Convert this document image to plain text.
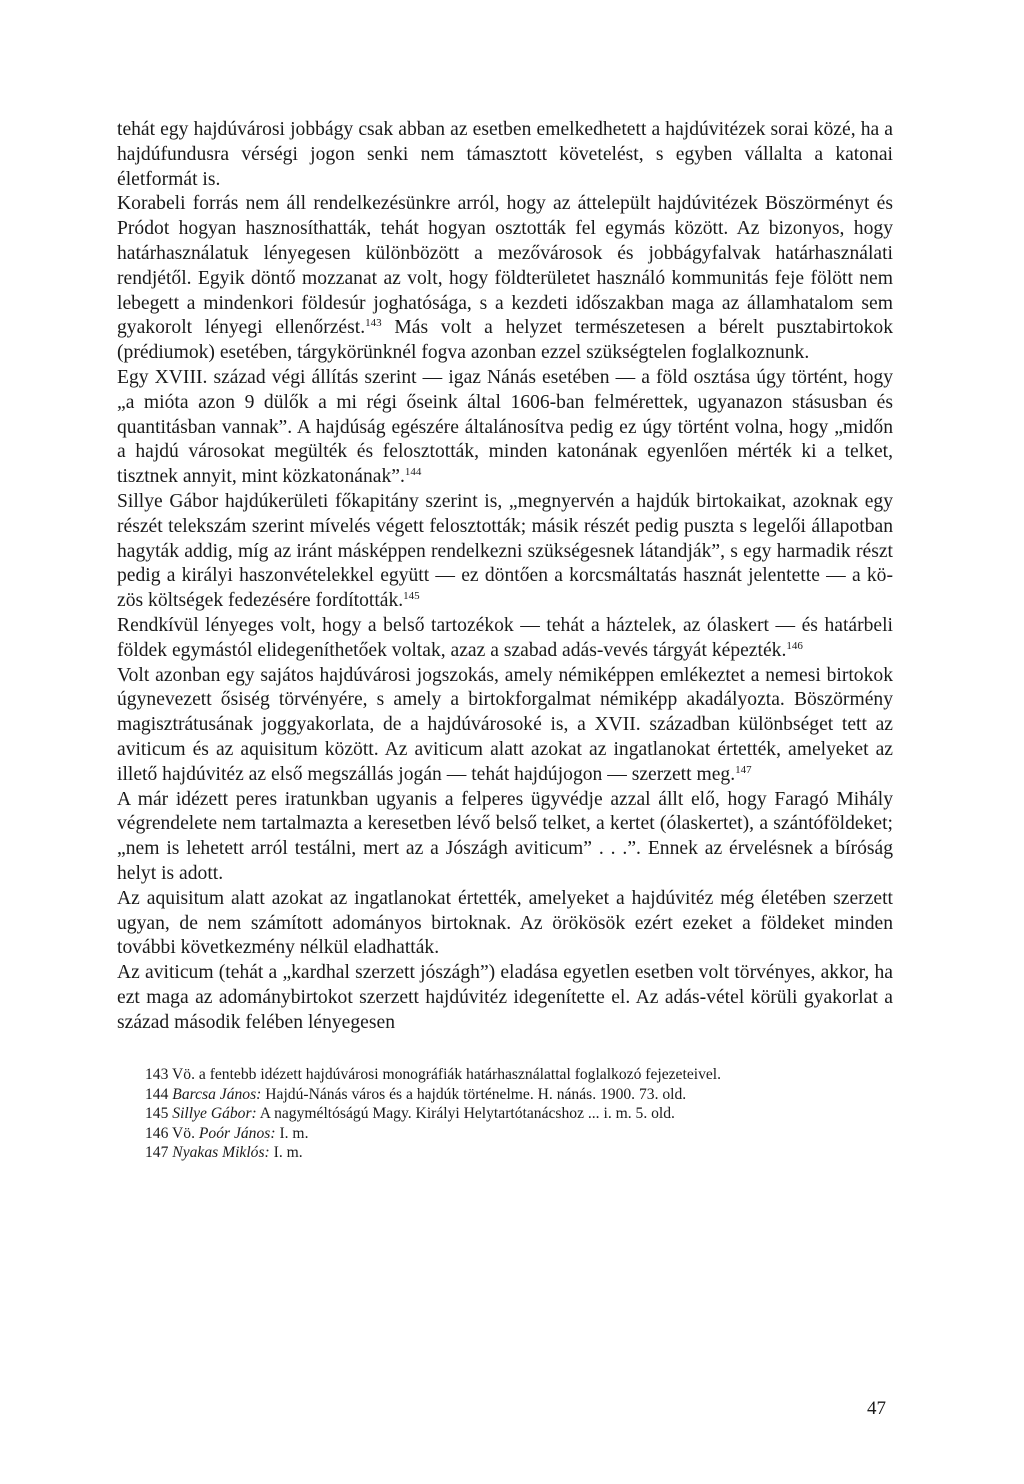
tehát egy hajdúvárosi jobbágy csak abban az esetben emelkedhetett a hajdúvitézek sorai közé, ha a hajdúfundusra vérségi jogon senki nem támasztott követelést, s egyben vállalta a katonai életformát is.

Korabeli forrás nem áll rendelkezésünkre arról, hogy az áttelepült hajdúvitézek Böszörményt és Pródot hogyan hasznosíthatták, tehát hogyan osztották fel egymás között. Az bizonyos, hogy határhasználatuk lényegesen különbözött a mezővárosok és jobbágyfalvak határhasználati rendjétől. Egyik döntő mozzanat az volt, hogy földterületet használó kommunitás feje fölött nem lebegett a mindenkori földesúr joghatósága, s a kezdeti időszakban maga az államhatalom sem gyakorolt lényegi ellenőrzést.$^{143}$ Más volt a helyzet természetesen a bérelt pusztabirtokok (prédiumok) esetében, tárgykörünknél fogva azonban ezzel szükségtelen foglalkoznunk.

Egy XVIII. század végi állítás szerint — igaz Nánás esetében — a föld osztása úgy történt, hogy „a mióta azon 9 dülők a mi régi őseink által 1606-ban felmérettek, ugyanazon stásusban és quantitásban vannak”. A hajdúság egészére általánosítva pedig ez úgy történt volna, hogy „midőn a hajdú városokat megülték és felosztották, minden katonának egyenlően mérték ki a telket, tisztnek annyit, mint közkatonának”.$^{144}$

Sillye Gábor hajdúkerületi főkapitány szerint is, „megnyervén a hajdúk birtokaikat, azoknak egy részét telekszám szerint mívelés végett felosztották; másik részét pedig puszta s legelői állapotban hagyták addig, míg az iránt másképpen rendelkezni szükségesnek látandják”, s egy harmadik részt pedig a királyi haszonvételekkel együtt — ez döntően a korcsmáltatás hasznát jelentette — a közös költségek fedezésére fordították.$^{145}$

Rendkívül lényeges volt, hogy a belső tartozékok — tehát a háztelek, az ólaskert — és határbeli földek egymástól elidegeníthetőek voltak, azaz a szabad adás-vevés tárgyát képezték.$^{146}$

Volt azonban egy sajátos hajdúvárosi jogszokás, amely némiképpen emlékeztet a nemesi birtokok úgynevezett ősiség törvényére, s amely a birtokforgalmat némiképp akadályozta. Böszörmény magisztrátusának joggyakorlata, de a hajdúvárosoké is, a XVII. században különbséget tett az aviticum és az aquisitum között. Az aviticum alatt azokat az ingatlanokat értették, amelyeket az illető hajdúvitéz az első megszállás jogán — tehát hajdújogon — szerzett meg.$^{147}$

A már idézett peres iratunkban ugyanis a felperes ügyvédje azzal állt elő, hogy Faragó Mihály végrendelete nem tartalmazta a keresetben lévő belső telket, a kertet (ólaskertet), a szántóföldeket; „nem is lehetett arról testálni, mert az a Jószágh aviticum” . . .”. Ennek az érvelésnek a bíróság helyt is adott.

Az aquisitum alatt azokat az ingatlanokat értették, amelyeket a hajdúvitéz még életében szerzett ugyan, de nem számított adományos birtoknak. Az örökösök ezért ezeket a földeket minden további következmény nélkül eladhatták.

Az aviticum (tehát a „kardhal szerzett jószágh”) eladása egyetlen esetben volt törvényes, akkor, ha ezt maga az adománybirtokot szerzett hajdúvitéz idegenítette el. Az adás-vétel körüli gyakorlat a század második felében lényegesen

143 Vö. a fentebb idézett hajdúvárosi monográfiák határhasználattal foglalkozó fejezeteivel.

144 Barcsa János: Hajdú-Nánás város és a hajdúk történelme. H. nánás. 1900. 73. old.

145 Sillye Gábor: A nagyméltóságú Magy. Királyi Helytartótanácshoz ... i. m. 5. old.

146 Vö. Poór János: I. m.

147 Nyakas Miklós: I. m.

47
